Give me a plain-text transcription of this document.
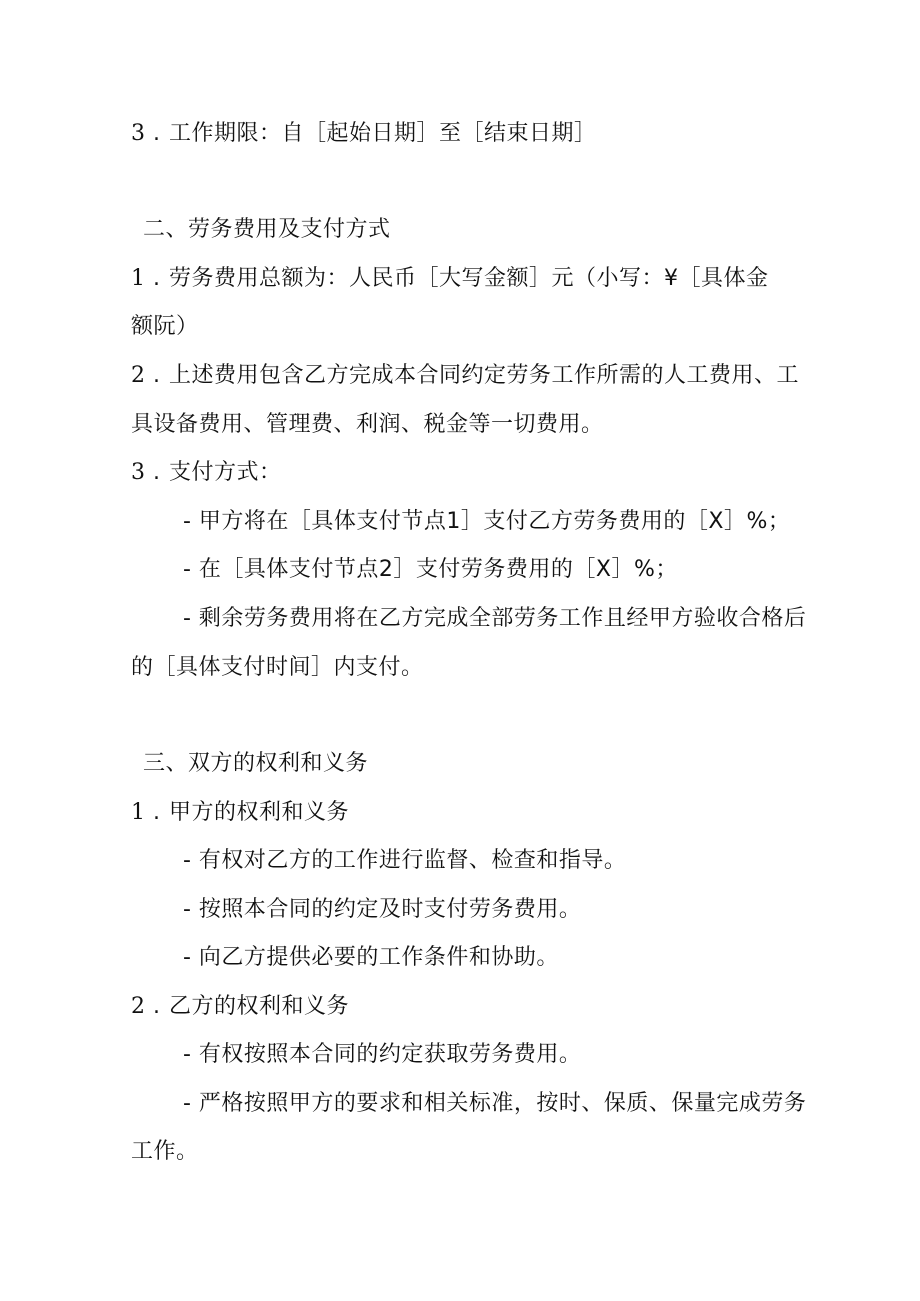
3 . 工作期限：自［起始日期］至［结束日期］
二、劳务费用及支付方式
1 . 劳务费用总额为：人民币［大写金额］元（小写：¥［具体金
额阮）
2 . 上述费用包含乙方完成本合同约定劳务工作所需的人工费用、工
具设备费用、管理费、利润、税金等一切费用。
3 . 支付方式：
- 甲方将在［具体支付节点1］支付乙方劳务费用的［X］%；
- 在［具体支付节点2］支付劳务费用的［X］%；
- 剩余劳务费用将在乙方完成全部劳务工作且经甲方验收合格后
的［具体支付时间］内支付。
三、双方的权利和义务
1 . 甲方的权利和义务
- 有权对乙方的工作进行监督、检查和指导。
- 按照本合同的约定及时支付劳务费用。
- 向乙方提供必要的工作条件和协助。
2 . 乙方的权利和义务
- 有权按照本合同的约定获取劳务费用。
- 严格按照甲方的要求和相关标准，按时、保质、保量完成劳务
工作。
